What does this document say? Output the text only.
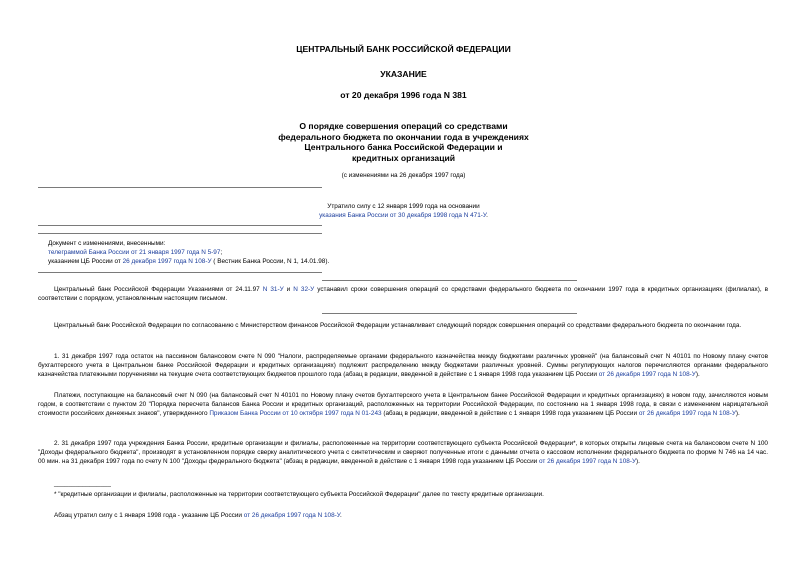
ЦЕНТРАЛЬНЫЙ БАНК РОССИЙСКОЙ ФЕДЕРАЦИИ
УКАЗАНИЕ
от 20 декабря 1996 года N 381
О порядке совершения операций со средствами
федерального бюджета по окончании года в учреждениях
Центрального банка Российской Федерации и
кредитных организаций
(с изменениями на 26 декабря 1997 года)
Утратило силу с 12 января 1999 года на основании
указания Банка России от 30 декабря 1998 года N 471-У.
Документ с изменениями, внесенными:
телеграммой Банка России от 21 января 1997 года N 5-97;
указанием ЦБ России от 26 декабря 1997 года N 108-У ( Вестник Банка России, N 1, 14.01.98).
Центральный банк Российской Федерации Указаниями от 24.11.97 N 31-У и N 32-У устанавил сроки совершения операций со средствами федерального бюджета по окончании 1997 года в кредитных организациях (филиалах), в соответствии с порядком, установленным настоящим письмом.
Центральный банк Российской Федерации по согласованию с Министерством финансов Российской Федерации устанавливает следующий порядок совершения операций со средствами федерального бюджета по окончании года.
1. 31 декабря 1997 года остаток на пассивном балансовом счете N 090 "Налоги, распределяемые органами федерального казначейства между бюджетами различных уровней" (на балансовый счет N 40101 по Новому плану счетов бухгалтерского учета в Центральном банке Российской Федерации и кредитных организациях) подлежит распределению между бюджетами различных уровней. Суммы регулирующих налогов перечисляются органами федерального казначейства платежными поручениями на текущие счета соответствующих бюджетов прошлого года (абзац в редакции, введенной в действие с 1 января 1998 года указанием ЦБ России от 26 декабря 1997 года N 108-У).
Платежи, поступающие на балансовый счет N 090 (на балансовый счет N 40101 по Новому плану счетов бухгалтерского учета в Центральном банке Российской Федерации и кредитных организациях) в новом году, зачисляются новым годом, в соответствии с пунктом 20 "Порядка пересчета балансов Банка России и кредитных организаций, расположенных на территории Российской Федерации, по состоянию на 1 января 1998 года, в связи с изменением нарицательной стоимости российских денежных знаков", утвержденного Приказом Банка России от 10 октября 1997 года N 01-243 (абзац в редакции, введенной в действие с 1 января 1998 года указанием ЦБ России от 26 декабря 1997 года N 108-У).
2. 31 декабря 1997 года учреждения Банка России, кредитные организации и филиалы, расположенные на территории соответствующего субъекта Российской Федерации*, в которых открыты лицевые счета на балансовом счете N 100 "Доходы федерального бюджета", производят в установленном порядке сверку аналитического учета с синтетическим и сверяют полученные итоги с данными отчета о кассовом исполнении федерального бюджета по форме N 746 на 14 час. 00 мин. на 31 декабря 1997 года по счету N 100 "Доходы федерального бюджета" (абзац в редакции, введенной в действие с 1 января 1998 года указанием ЦБ России от 26 декабря 1997 года N 108-У).
________________
* "кредитные организации и филиалы, расположенные на территории соответствующего субъекта Российской Федерации" далее по тексту кредитные организации.
Абзац утратил силу с 1 января 1998 года - указание ЦБ России от 26 декабря 1997 года N 108-У.
